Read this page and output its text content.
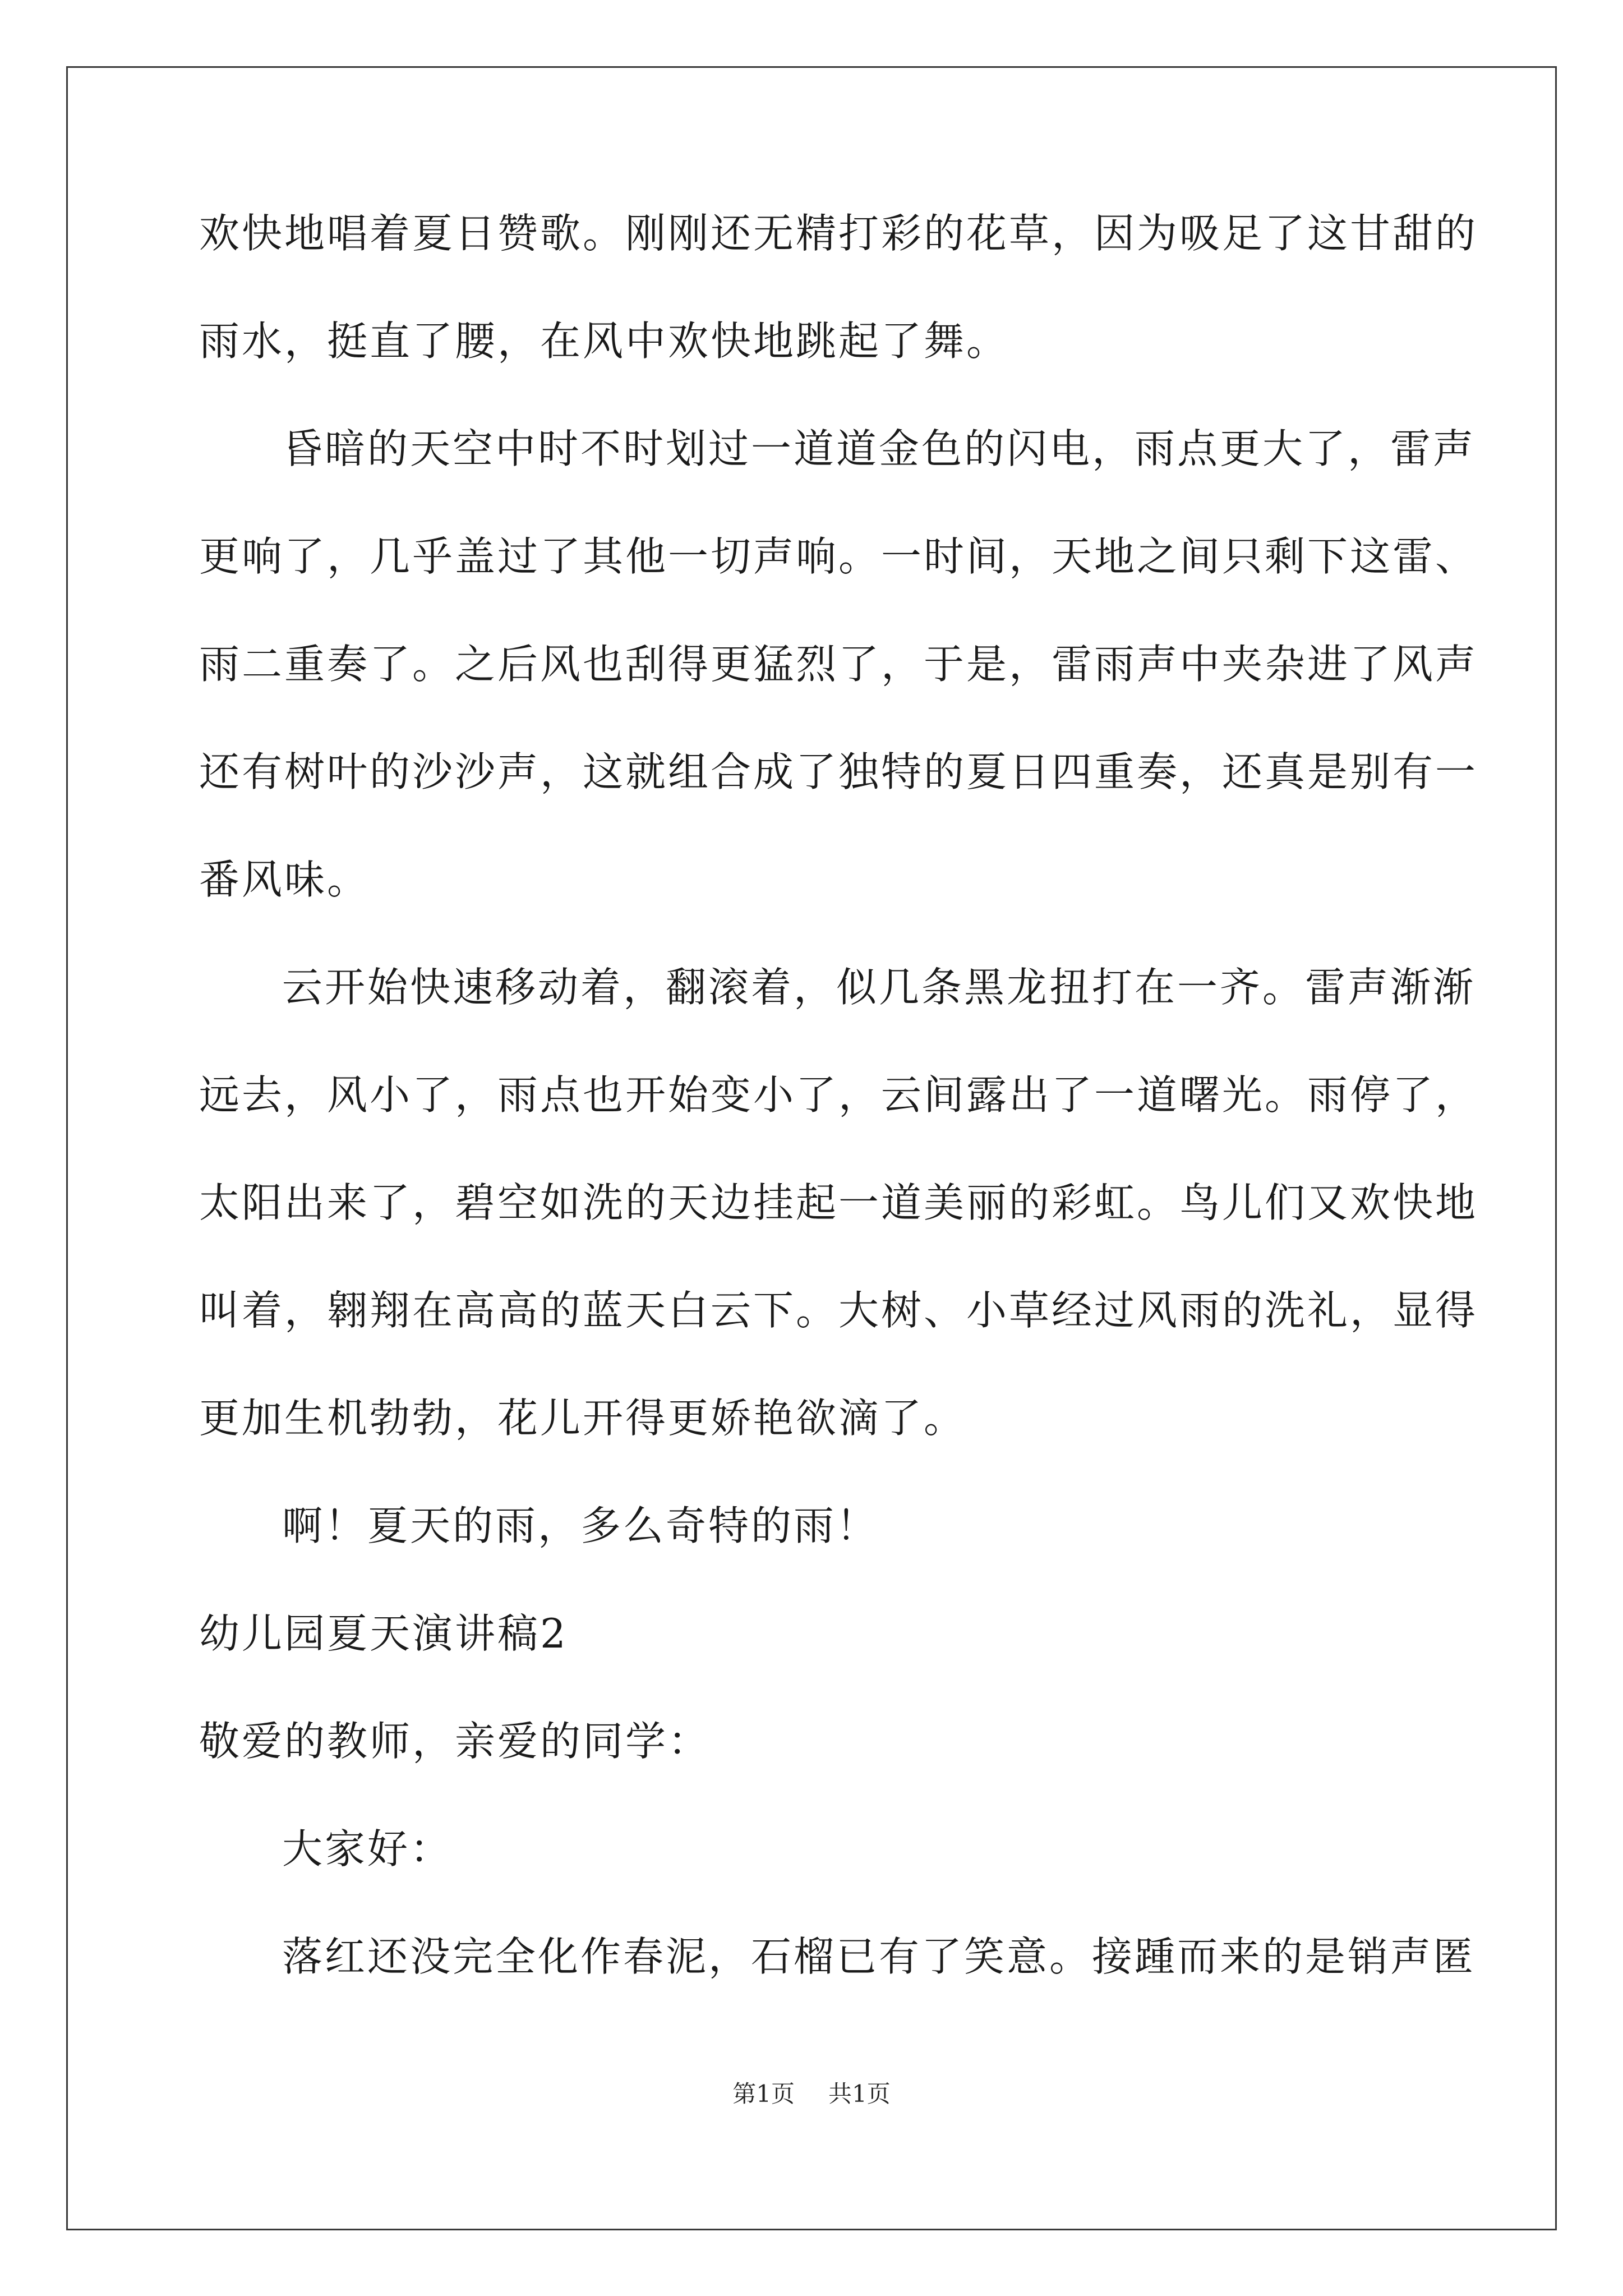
欢快地唱着夏日赞歌。刚刚还无精打彩的花草，因为吸足了这甘甜的
雨水，挺直了腰，在风中欢快地跳起了舞。
昏暗的天空中时不时划过一道道金色的闪电，雨点更大了，雷声
更响了，几乎盖过了其他一切声响。一时间，天地之间只剩下这雷、
雨二重奏了。之后风也刮得更猛烈了，于是，雷雨声中夹杂进了风声
还有树叶的沙沙声，这就组合成了独特的夏日四重奏，还真是别有一
番风味。
云开始快速移动着，翻滚着，似几条黑龙扭打在一齐。雷声渐渐
远去，风小了，雨点也开始变小了，云间露出了一道曙光。雨停了，
太阳出来了，碧空如洗的天边挂起一道美丽的彩虹。鸟儿们又欢快地
叫着，翱翔在高高的蓝天白云下。大树、小草经过风雨的洗礼，显得
更加生机勃勃，花儿开得更娇艳欲滴了。
啊！夏天的雨，多么奇特的雨！
幼儿园夏天演讲稿2
敬爱的教师，亲爱的同学：
大家好：
落红还没完全化作春泥，石榴已有了笑意。接踵而来的是销声匿
第1页 共1页
